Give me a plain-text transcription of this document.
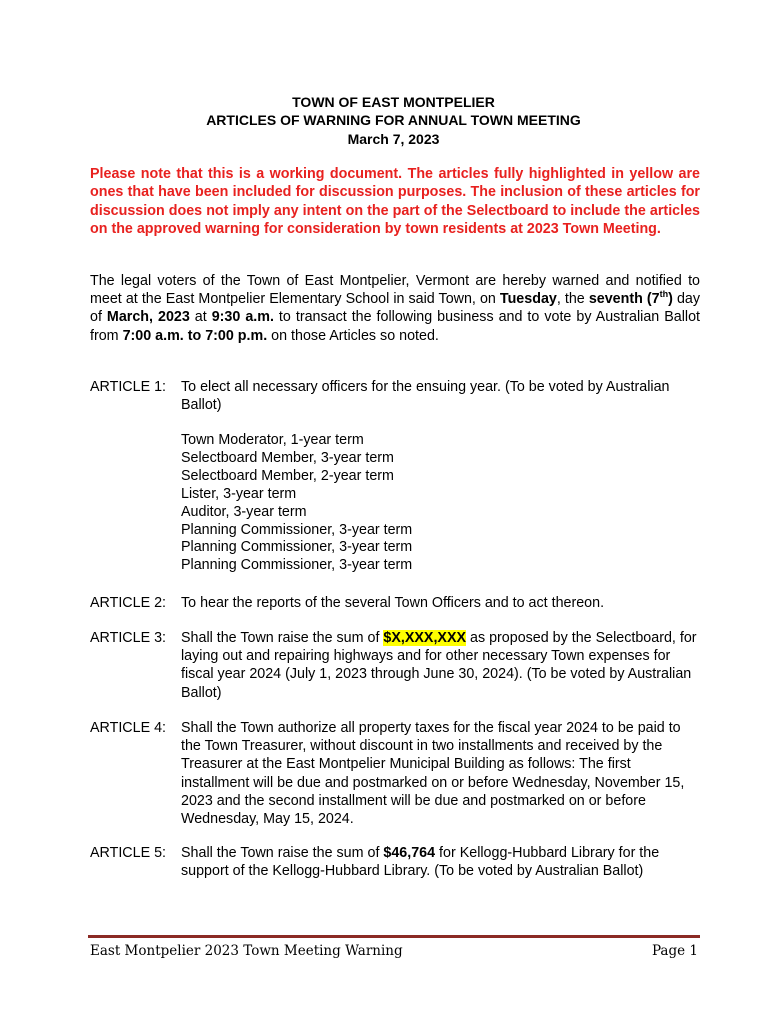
TOWN OF EAST MONTPELIER
ARTICLES OF WARNING FOR ANNUAL TOWN MEETING
March 7, 2023
Please note that this is a working document. The articles fully highlighted in yellow are ones that have been included for discussion purposes. The inclusion of these articles for discussion does not imply any intent on the part of the Selectboard to include the articles on the approved warning for consideration by town residents at 2023 Town Meeting.
The legal voters of the Town of East Montpelier, Vermont are hereby warned and notified to meet at the East Montpelier Elementary School in said Town, on Tuesday, the seventh (7th) day of March, 2023 at 9:30 a.m. to transact the following business and to vote by Australian Ballot from 7:00 a.m. to 7:00 p.m. on those Articles so noted.
ARTICLE 1:	To elect all necessary officers for the ensuing year. (To be voted by Australian Ballot)
Town Moderator, 1-year term
Selectboard Member, 3-year term
Selectboard Member, 2-year term
Lister, 3-year term
Auditor, 3-year term
Planning Commissioner, 3-year term
Planning Commissioner, 3-year term
Planning Commissioner, 3-year term
ARTICLE 2:	To hear the reports of the several Town Officers and to act thereon.
ARTICLE 3:	Shall the Town raise the sum of $X,XXX,XXX as proposed by the Selectboard, for laying out and repairing highways and for other necessary Town expenses for fiscal year 2024 (July 1, 2023 through June 30, 2024). (To be voted by Australian Ballot)
ARTICLE 4:	Shall the Town authorize all property taxes for the fiscal year 2024 to be paid to the Town Treasurer, without discount in two installments and received by the Treasurer at the East Montpelier Municipal Building as follows: The first installment will be due and postmarked on or before Wednesday, November 15, 2023 and the second installment will be due and postmarked on or before Wednesday, May 15, 2024.
ARTICLE 5:	Shall the Town raise the sum of $46,764 for Kellogg-Hubbard Library for the support of the Kellogg-Hubbard Library. (To be voted by Australian Ballot)
East Montpelier 2023 Town Meeting Warning	Page 1
